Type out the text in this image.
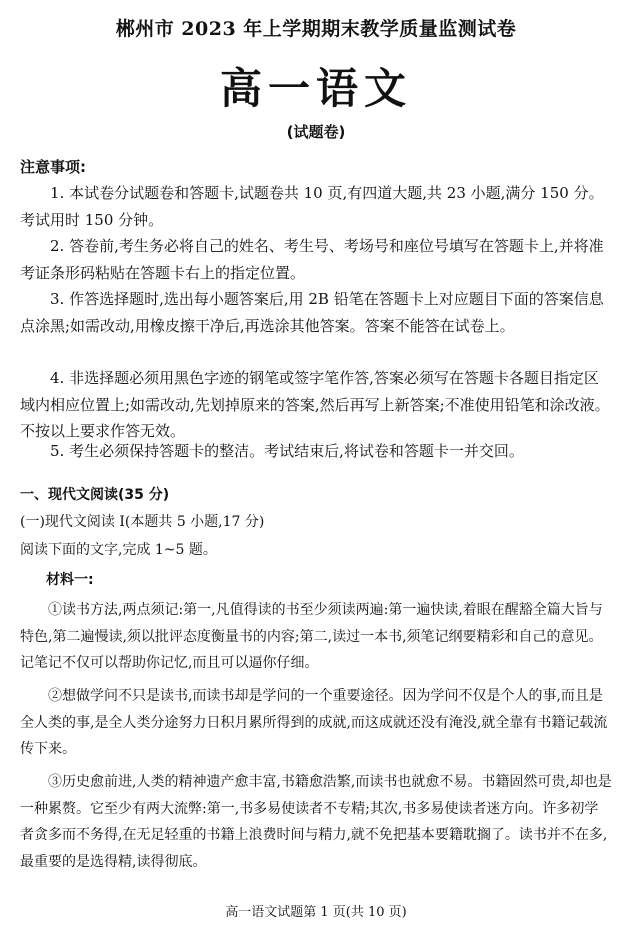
郴州市 2023 年上学期期末教学质量监测试卷
高一语文
(试题卷)
注意事项:
1. 本试卷分试题卷和答题卡,试题卷共 10 页,有四道大题,共 23 小题,满分 150 分。考试用时 150 分钟。
2. 答卷前,考生务必将自己的姓名、考生号、考场号和座位号填写在答题卡上,并将准考证条形码粘贴在答题卡右上的指定位置。
3. 作答选择题时,选出每小题答案后,用 2B 铅笔在答题卡上对应题目下面的答案信息点涂黑;如需改动,用橡皮擦干净后,再选涂其他答案。答案不能答在试卷上。
4. 非选择题必须用黑色字迹的钢笔或签字笔作答,答案必须写在答题卡各题目指定区域内相应位置上;如需改动,先划掉原来的答案,然后再写上新答案;不准使用铅笔和涂改液。不按以上要求作答无效。
5. 考生必须保持答题卡的整洁。考试结束后,将试卷和答题卡一并交回。
一、现代文阅读(35 分)
(一)现代文阅读 Ⅰ(本题共 5 小题,17 分)
阅读下面的文字,完成 1~5 题。
材料一:
①读书方法,两点须记:第一,凡值得读的书至少须读两遍:第一遍快读,着眼在醒豁全篇大旨与特色,第二遍慢读,须以批评态度衡量书的内容;第二,读过一本书,须笔记纲要精彩和自己的意见。记笔记不仅可以帮助你记忆,而且可以逼你仔细。
②想做学问不只是读书,而读书却是学问的一个重要途径。因为学问不仅是个人的事,而且是全人类的事,是全人类分途努力日积月累所得到的成就,而这成就还没有淹没,就全靠有书籍记载流传下来。
③历史愈前进,人类的精神遗产愈丰富,书籍愈浩繁,而读书也就愈不易。书籍固然可贵,却也是一种累赘。它至少有两大流弊:第一,书多易使读者不专精;其次,书多易使读者迷方向。许多初学者贪多而不务得,在无足轻重的书籍上浪费时间与精力,就不免把基本要籍耽搁了。读书并不在多,最重要的是选得精,读得彻底。
高一语文试题第 1 页(共 10 页)
